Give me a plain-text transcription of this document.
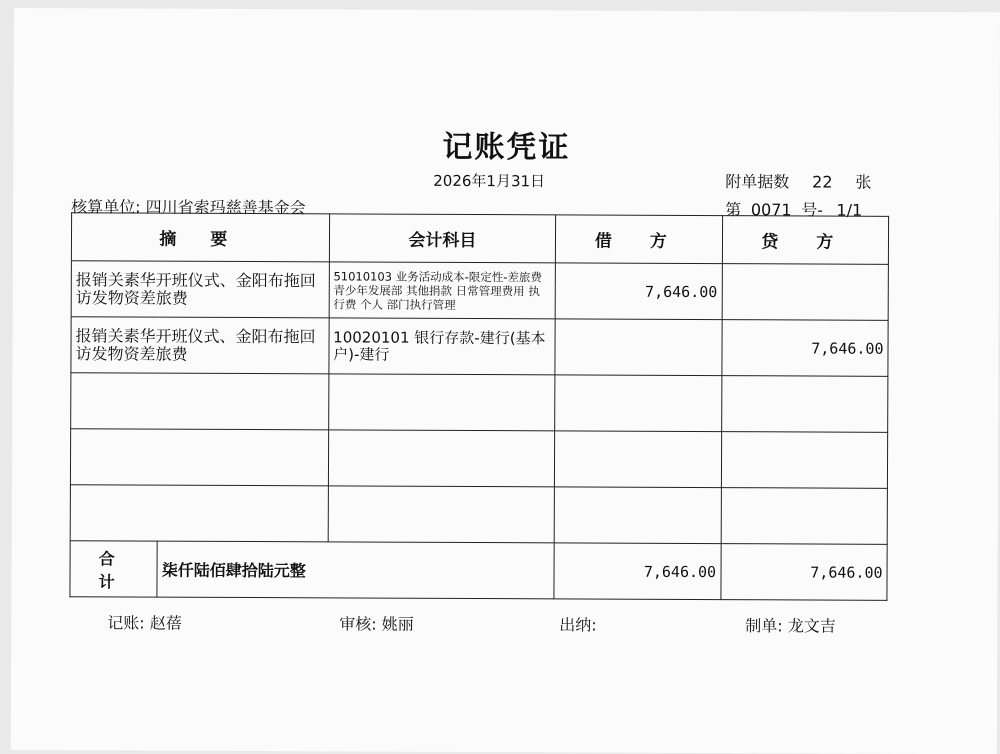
记账凭证
2026年1月31日	附单据数 22 张
核算单位: 四川省索玛慈善基金会	第 0071 号- 1/1
摘 要		会计科目	借 方	贷 方
报销关素华开班仪式、金阳布拖回访发物资差旅费		51010103 业务活动成本-限定性-差旅费 青少年发展部 其他捐款 日常管理费用 执行费 个人 部门执行管理	7,646.00	
报销关素华开班仪式、金阳布拖回访发物资差旅费		10020101 银行存款-建行(基本户)-建行		7,646.00

合 计	柒仟陆佰肆拾陆元整		7,646.00	7,646.00
记账: 赵蓓	审核: 姚丽	出纳:	制单: 龙文吉
